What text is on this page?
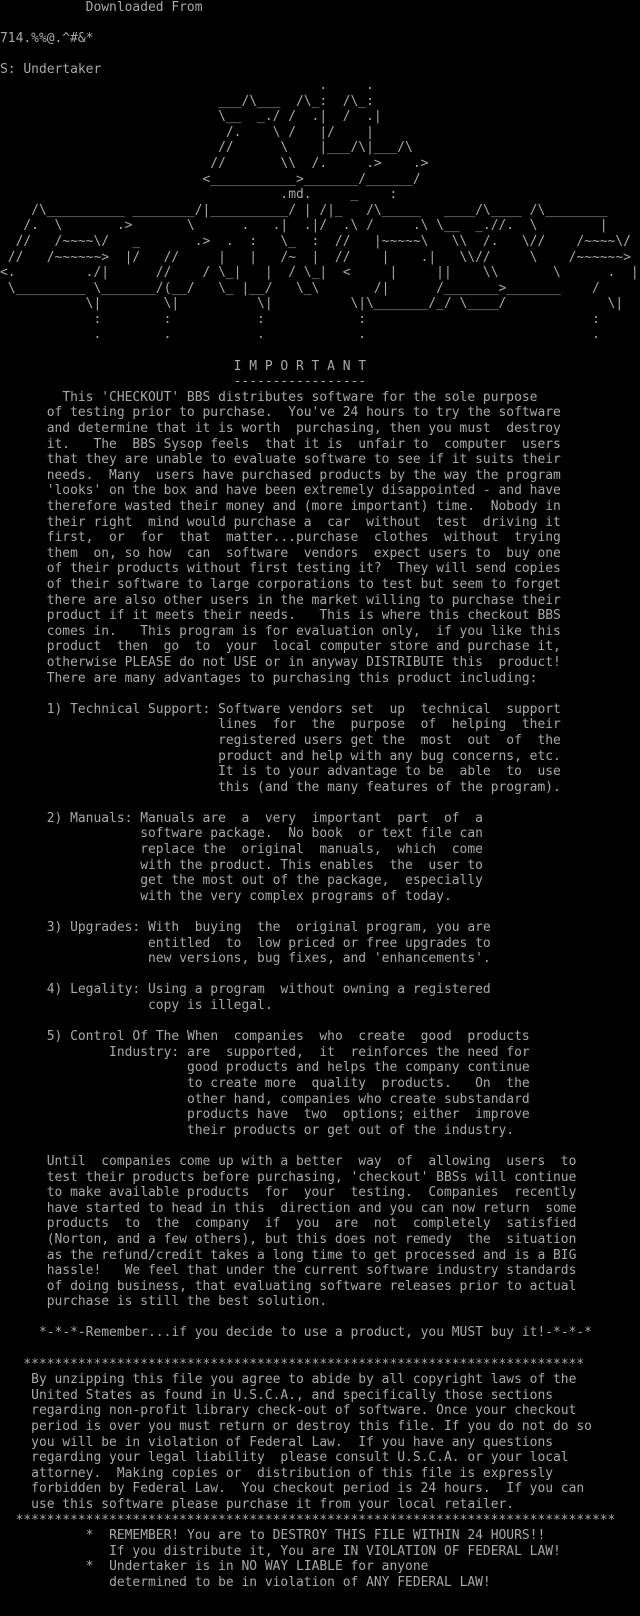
Downloaded From
714.%%@.^#&*
S: Undertaker
.     .
___/\___  /\_:  /\_:
\__  _./ /  .|  /  .|
/.    \ /   |/    |
//      \    |___/\|___/\
//       \\  /.     .>    .>
<___________>_______/______/
.md.     _    :
/\__________ ________/|__________/ | /|_   /\_____   ____/\____ /\________
/.  \       .>       \      .   .|  .|/  .\ /     .\ \__  _.//.  \        |
//   /~~~~\/   _       .>  .  :   \_  :  //   |~~~~~\   \\  /.   \//    /~~~~\/
//   /~~~~~~>  |/   //     |   |   /~  |  //    |    .|   \\//     \    /~~~~~~>
<.         ./|      //    / \_|   |  / \_|  <     |     ||    \\       \      .  |
\_________ \_______/(__/   \_ |__/   \_\       /|      /_______>_______    /
\|        \|          \|          \|\_______/_/ \____/             \|
:        :           :            :                             :
.        .           .            .                             .

I M P O R T A N T
-----------------
This 'CHECKOUT' BBS distributes software for the sole purpose
of testing prior to purchase.  You've 24 hours to try the software
and determine that it is worth  purchasing, then you must  destroy
it.   The  BBS Sysop feels  that it is  unfair to  computer  users
that they are unable to evaluate software to see if it suits their
needs.  Many  users have purchased products by the way the program
'looks' on the box and have been extremely disappointed - and have
therefore wasted their money and (more important) time.  Nobody in
their right  mind would purchase a  car  without  test  driving it
first,  or  for  that  matter...purchase  clothes  without  trying
them  on, so how  can  software  vendors  expect users to  buy one
of their products without first testing it?  They will send copies
of their software to large corporations to test but seem to forget
there are also other users in the market willing to purchase their
product if it meets their needs.   This is where this checkout BBS
comes in.   This program is for evaluation only,  if you like this
product  then  go  to  your  local computer store and purchase it,
otherwise PLEASE do not USE or in anyway DISTRIBUTE this  product!
There are many advantages to purchasing this product including:

1) Technical Support: Software vendors set  up  technical  support
lines  for  the  purpose  of  helping  their
registered users get the  most  out  of  the
product and help with any bug concerns, etc.
It is to your advantage to be  able  to  use
this (and the many features of the program).

2) Manuals: Manuals are  a  very  important  part  of  a
software package.  No book  or text file can
replace the  original  manuals,  which  come
with the product. This enables  the  user to
get the most out of the package,  especially
with the very complex programs of today.

3) Upgrades: With  buying  the  original program, you are
entitled  to  low priced or free upgrades to
new versions, bug fixes, and 'enhancements'.

4) Legality: Using a program  without owning a registered
copy is illegal.

5) Control Of The When  companies  who  create  good  products
Industry: are  supported,  it  reinforces the need for
good products and helps the company continue
to create more  quality  products.   On  the
other hand, companies who create substandard
products have  two  options; either  improve
their products or get out of the industry.

Until  companies come up with a better  way  of  allowing  users  to
test their products before purchasing, 'checkout' BBSs will continue
to make available products  for  your  testing.  Companies  recently
have started to head in this  direction and you can now return  some
products  to  the  company  if  you  are  not  completely  satisfied
(Norton, and a few others), but this does not remedy  the  situation
as the refund/credit takes a long time to get processed and is a BIG
hassle!   We feel that under the current software industry standards
of doing business, that evaluating software releases prior to actual
purchase is still the best solution.

*-*-*-Remember...if you decide to use a product, you MUST buy it!-*-*-*

************************************************************************
By unzipping this file you agree to abide by all copyright laws of the
United States as found in U.S.C.A., and specifically those sections
regarding non-profit library check-out of software. Once your checkout
period is over you must return or destroy this file. If you do not do so
you will be in violation of Federal Law.  If you have any questions
regarding your legal liability  please consult U.S.C.A. or your local
attorney.  Making copies or  distribution of this file is expressly
forbidden by Federal Law.  You checkout period is 24 hours.  If you can
use this software please purchase it from your local retailer.
*****************************************************************************
* REMEMBER! You are to DESTROY THIS FILE WITHIN 24 HOURS!!
If you distribute it, You are IN VIOLATION OF FEDERAL LAW!
* Undertaker is in NO WAY LIABLE for anyone
determined to be in violation of ANY FEDERAL LAW!
